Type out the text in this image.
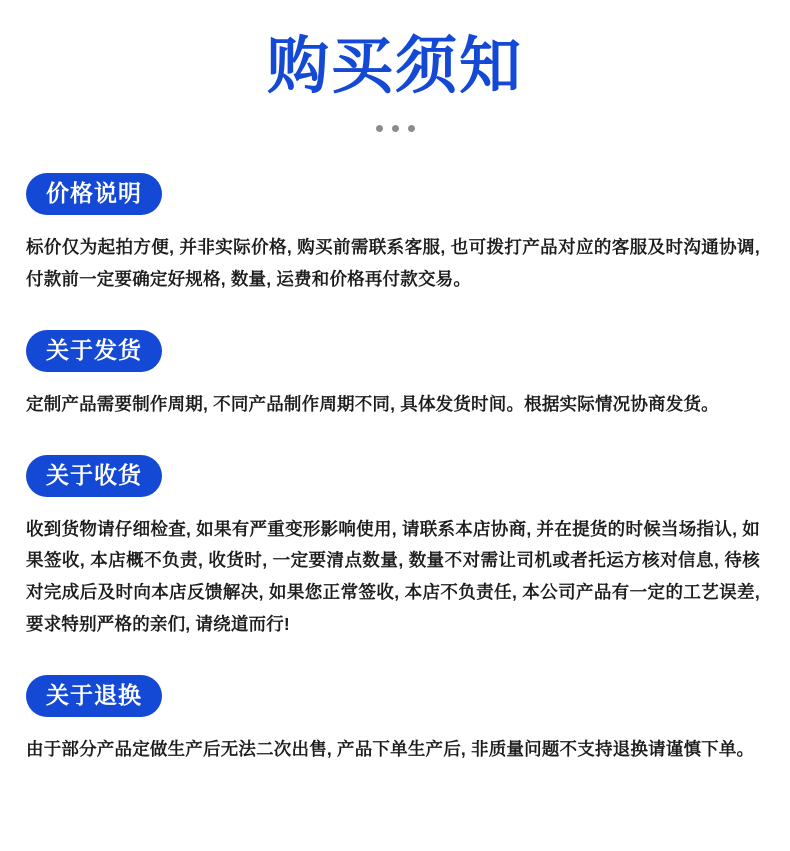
购买须知
价格说明

标价仅为起拍方便, 并非实际价格, 购买前需联系客服, 也可拨打产品对应的客服及时沟通协调, 付款前一定要确定好规格, 数量, 运费和价格再付款交易。

关于发货

定制产品需要制作周期, 不同产品制作周期不同, 具体发货时间。根据实际情况协商发货。

关于收货

收到货物请仔细检查, 如果有严重变形影响使用, 请联系本店协商, 并在提货的时候当场指认, 如果签收, 本店概不负责, 收货时, 一定要清点数量, 数量不对需让司机或者托运方核对信息, 待核对完成后及时向本店反馈解决, 如果您正常签收, 本店不负责任, 本公司产品有一定的工艺误差, 要求特别严格的亲们, 请绕道而行!

关于退换

由于部分产品定做生产后无法二次出售, 产品下单生产后, 非质量问题不支持退换请谨慎下单。
